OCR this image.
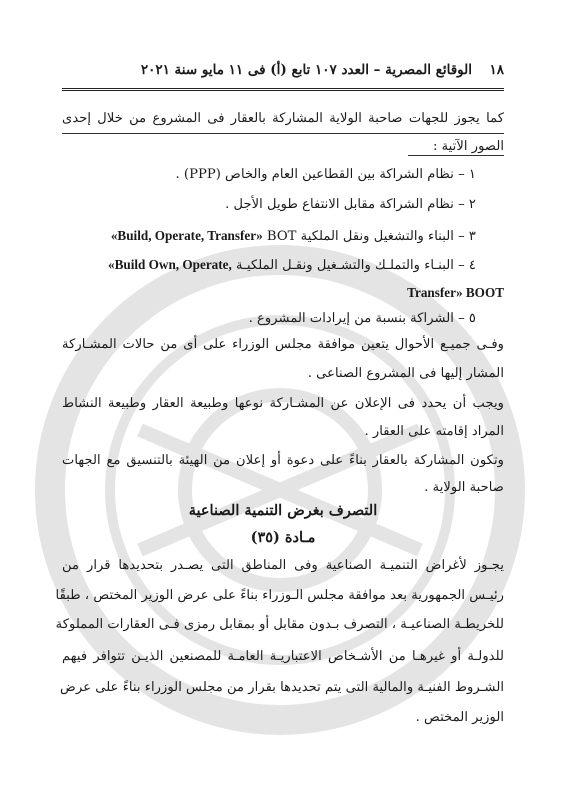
١٨
الوقائع المصرية – العدد ١٠٧ تابع (أ) فى ١١ مايو سنة ٢٠٢١
كما يجوز للجهات صاحبة الولاية المشاركة بالعقار فى المشروع من خلال إحدى
الصور الآتية :
١ – نظام الشراكة بين القطاعين العام والخاص (PPP) .
٢ – نظام الشراكة مقابل الانتفاع طويل الأجل .
٣ – البناء والتشغيل ونقل الملكية BOT «Build, Operate, Transfer»
٤ – البنـاء والتملـك والتشـغيل ونقـل الملكيـة «Build Own, Operate,
Transfer» BOOT
٥ – الشراكة بنسبة من إيرادات المشروع .
وفـى جميـع الأحوال يتعين موافقة مجلس الوزراء على أى من حالات المشـاركة
المشار إليها فى المشروع الصناعى .
ويجب أن يحدد فى الإعلان عن المشـاركة نوعها وطبيعة العقار وطبيعة النشاط
المراد إقامته على العقار .
وتكون المشاركة بالعقار بناءً على دعوة أو إعلان من الهيئة بالتنسيق مع الجهات
صاحبة الولاية .
التصرف بغرض التنمية الصناعية
مـادة (٣٥)
يجـوز لأغراض التنميـة الصناعية وفى المناطق التى يصـدر بتحديدها قرار من
رئيـس الجمهورية بعد موافقة مجلس الـوزراء بناءً على عرض الوزير المختص ، طبقًا
للخريطـة الصناعيـة ، التصرف بـدون مقابل أو بمقابل رمزى فـى العقارات المملوكة
للدولـة أو غيرهـا من الأشـخاص الاعتباريـة العامـة للمصنعين الذيـن تتوافر فيهم
الشـروط الفنيـة والمالية التى يتم تحديدها بقرار من مجلس الوزراء بناءً على عرض
الوزير المختص .
